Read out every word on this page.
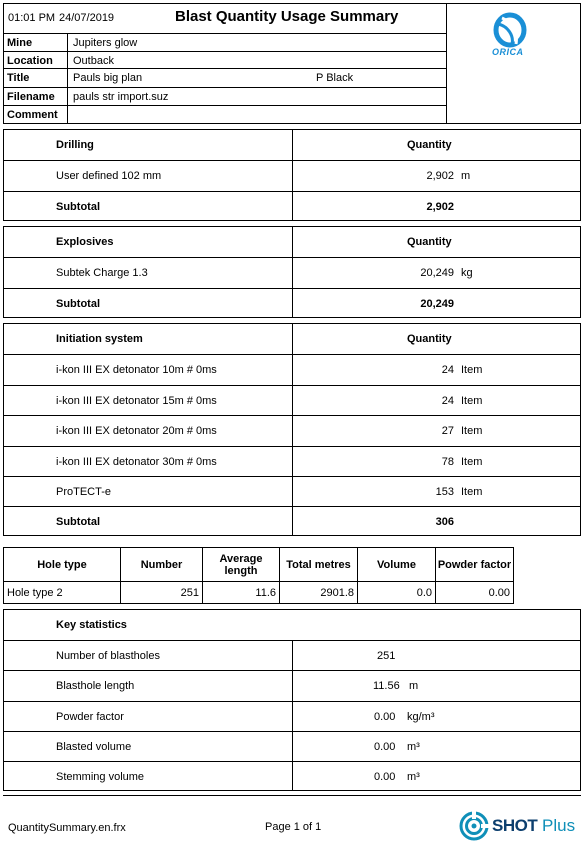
01:01 PM 24/07/2019	Blast Quantity Usage Summary
Mine	Jupiters glow
Location Outback
Title	Pauls big plan	P Black
Filename pauls str import.suz
Comment
ORICA
Drilling	Quantity
User defined 102 mm	2,902 m
Subtotal	2,902
Explosives	Quantity
Subtek Charge 1.3	20,249 kg
Subtotal	20,249
Initiation system	Quantity
i-kon III EX detonator 10m # 0ms	24 Item
i-kon III EX detonator 15m # 0ms	24 Item
i-kon III EX detonator 20m # 0ms	27 Item
i-kon III EX detonator 30m # 0ms	78 Item
ProTECT-e	153 Item
Subtotal	306
Hole type	Number	Average length	Total metres	Volume	Powder factor
Hole type 2	251	11.6	2901.8	0.0	0.00
Key statistics
Number of blastholes	251
Blasthole length	11.56 m
Powder factor	0.00 kg/m³
Blasted volume	0.00 m³
Stemming volume	0.00 m³
QuantitySummary.en.frx	Page 1 of 1	SHOT Plus
